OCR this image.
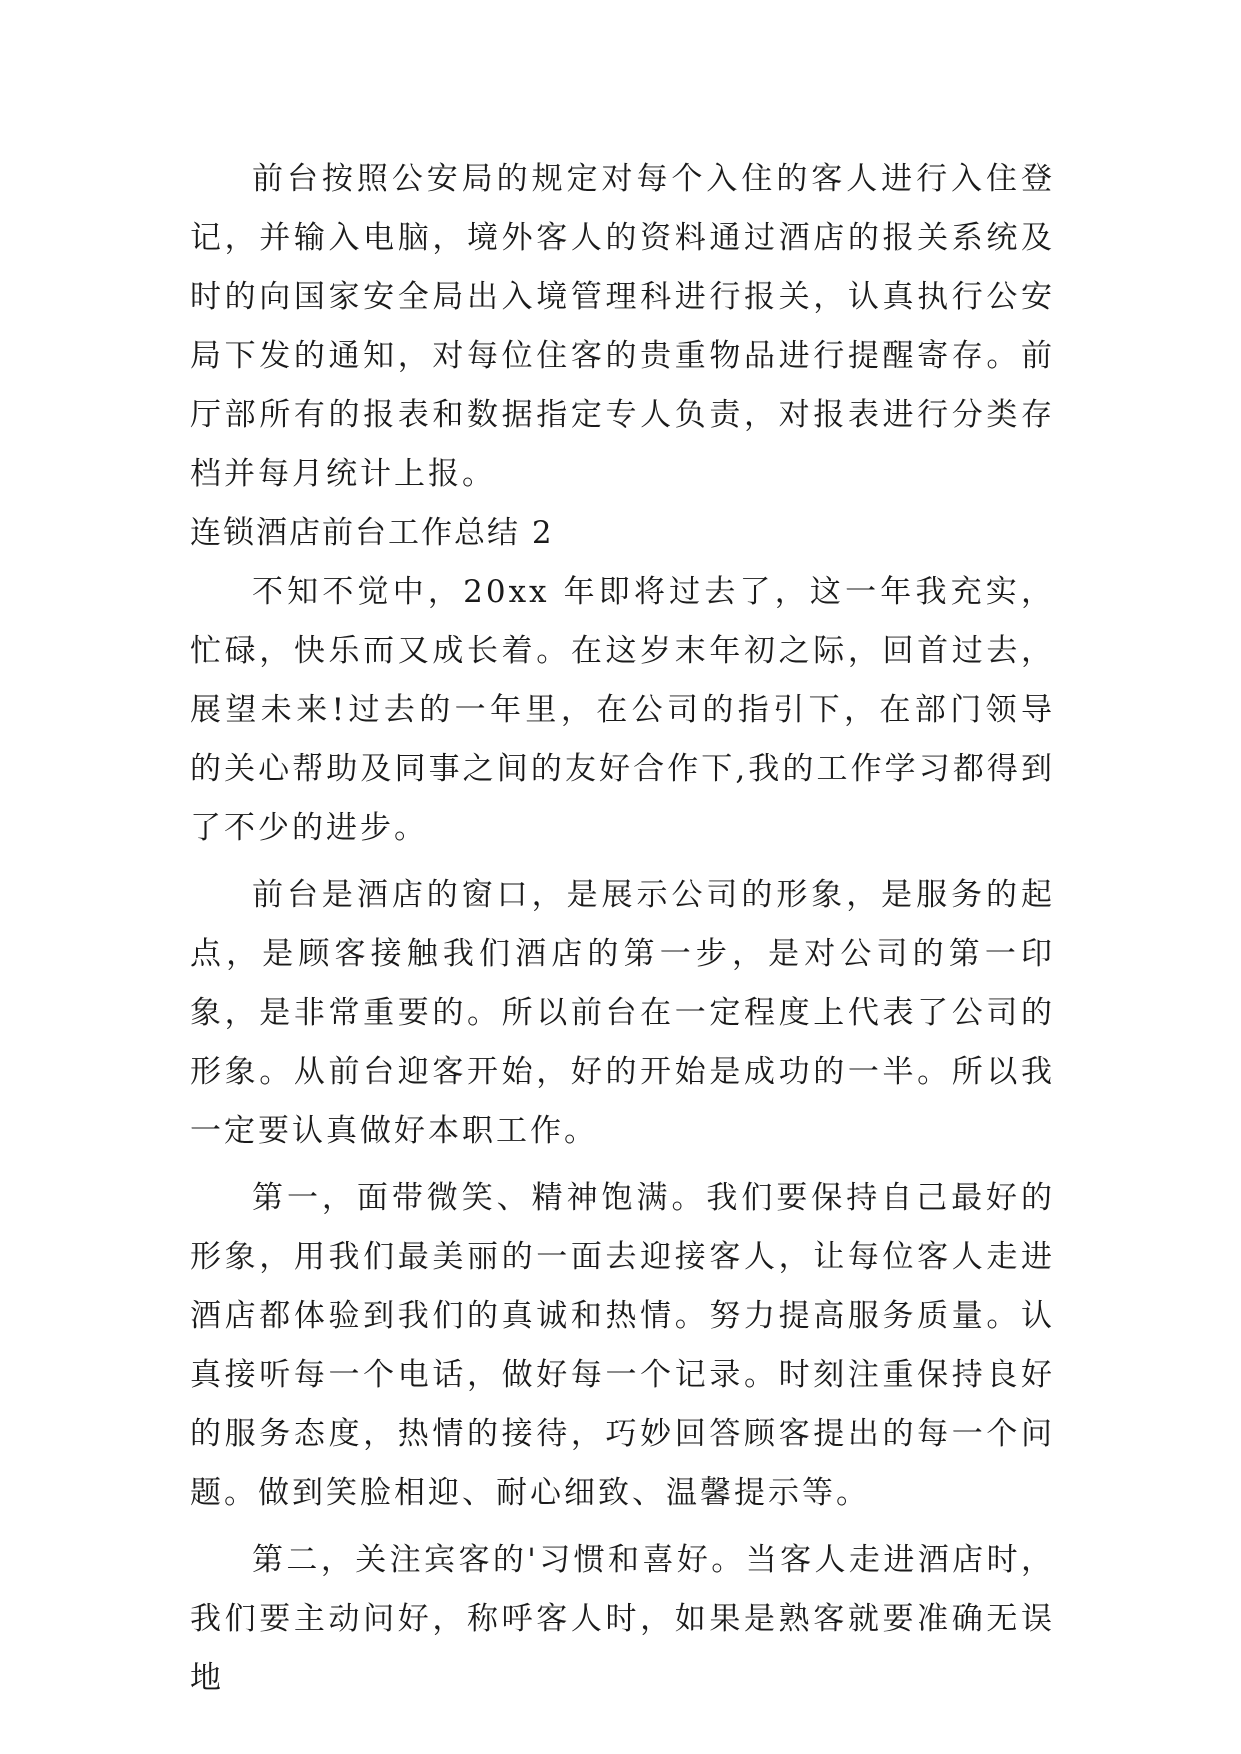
前台按照公安局的规定对每个入住的客人进行入住登记，并输入电脑，境外客人的资料通过酒店的报关系统及时的向国家安全局出入境管理科进行报关，认真执行公安局下发的通知，对每位住客的贵重物品进行提醒寄存。前厅部所有的报表和数据指定专人负责，对报表进行分类存档并每月统计上报。

连锁酒店前台工作总结 2

不知不觉中，20xx 年即将过去了，这一年我充实，忙碌，快乐而又成长着。在这岁末年初之际，回首过去，展望未来!过去的一年里，在公司的指引下，在部门领导的关心帮助及同事之间的友好合作下,我的工作学习都得到了不少的进步。

前台是酒店的窗口，是展示公司的形象，是服务的起点，是顾客接触我们酒店的第一步，是对公司的第一印象，是非常重要的。所以前台在一定程度上代表了公司的形象。从前台迎客开始，好的开始是成功的一半。所以我一定要认真做好本职工作。

第一，面带微笑、精神饱满。我们要保持自己最好的形象，用我们最美丽的一面去迎接客人，让每位客人走进酒店都体验到我们的真诚和热情。努力提高服务质量。认真接听每一个电话，做好每一个记录。时刻注重保持良好的服务态度，热情的接待，巧妙回答顾客提出的每一个问题。做到笑脸相迎、耐心细致、温馨提示等。

第二，关注宾客的'习惯和喜好。当客人走进酒店时，我们要主动问好，称呼客人时，如果是熟客就要准确无误地
